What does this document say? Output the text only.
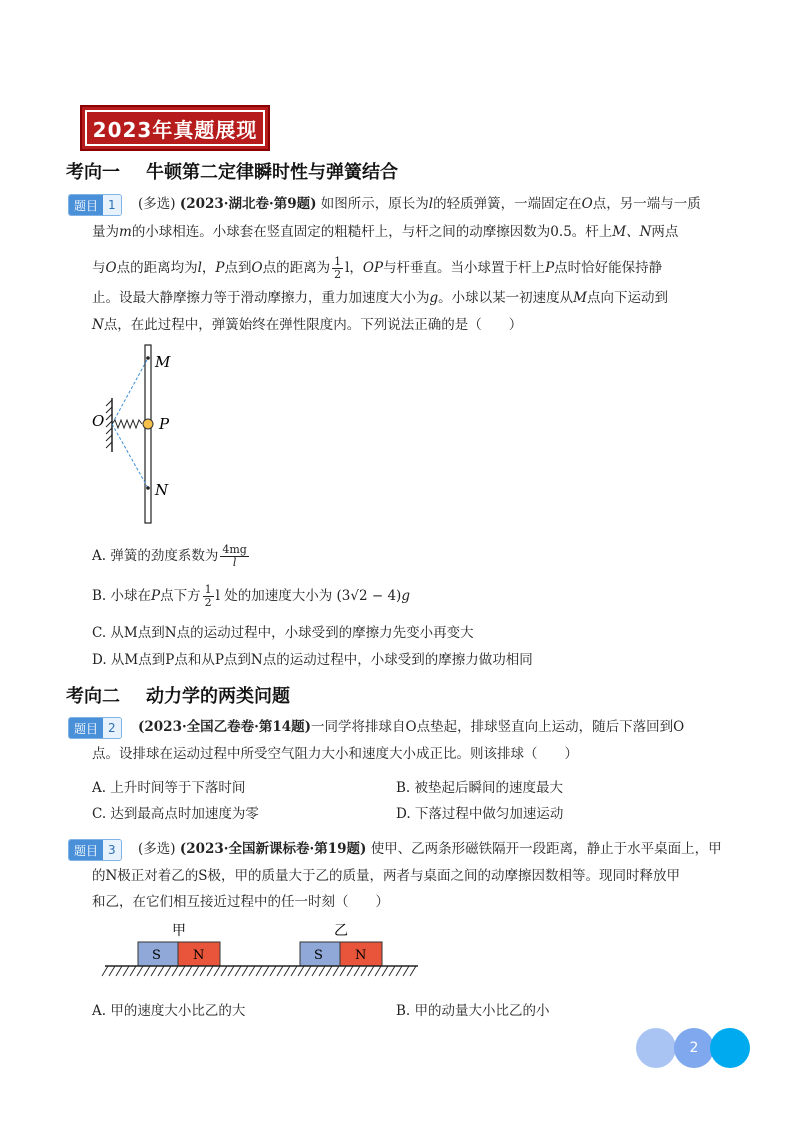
2023年真题展现
考向一 牛顿第二定律瞬时性与弹簧结合
题目 1	(多选) (2023·湖北卷·第9题) 如图所示，原长为l的轻质弹簧，一端固定在O点，另一端与一质
量为m的小球相连。小球套在竖直固定的粗糙杆上，与杆之间的动摩擦因数为0.5。杆上M、N两点
与O点的距离均为l，P点到O点的距离为 $\frac{1}{2}$ l，OP与杆垂直。当小球置于杆上P点时恰好能保持静
止。设最大静摩擦力等于滑动摩擦力，重力加速度大小为g。小球以某一初速度从M点向下运动到
N点，在此过程中，弹簧始终在弹性限度内。下列说法正确的是（　　）
M
P
N
O
A. 弹簧的劲度系数为 $\frac{4mg}{l}$
B. 小球在P点下方 $\frac{1}{2}$ l 处的加速度大小为 (3√2 − 4)g
C. 从M点到N点的运动过程中，小球受到的摩擦力先变小再变大
D. 从M点到P点和从P点到N点的运动过程中，小球受到的摩擦力做功相同
考向二 动力学的两类问题
题目 2	(2023·全国乙卷卷·第14题)一同学将排球自O点垫起，排球竖直向上运动，随后下落回到O
点。设排球在运动过程中所受空气阻力大小和速度大小成正比。则该排球（　　）
A. 上升时间等于下落时间	B. 被垫起后瞬间的速度最大
C. 达到最高点时加速度为零	D. 下落过程中做匀加速运动
题目 3	(多选) (2023·全国新课标卷·第19题) 使甲、乙两条形磁铁隔开一段距离，静止于水平桌面上，甲
的N极正对着乙的S极，甲的质量大于乙的质量，两者与桌面之间的动摩擦因数相等。现同时释放甲
和乙，在它们相互接近过程中的任一时刻（　　）
甲	乙
S N	S N
A. 甲的速度大小比乙的大	B. 甲的动量大小比乙的小
2
